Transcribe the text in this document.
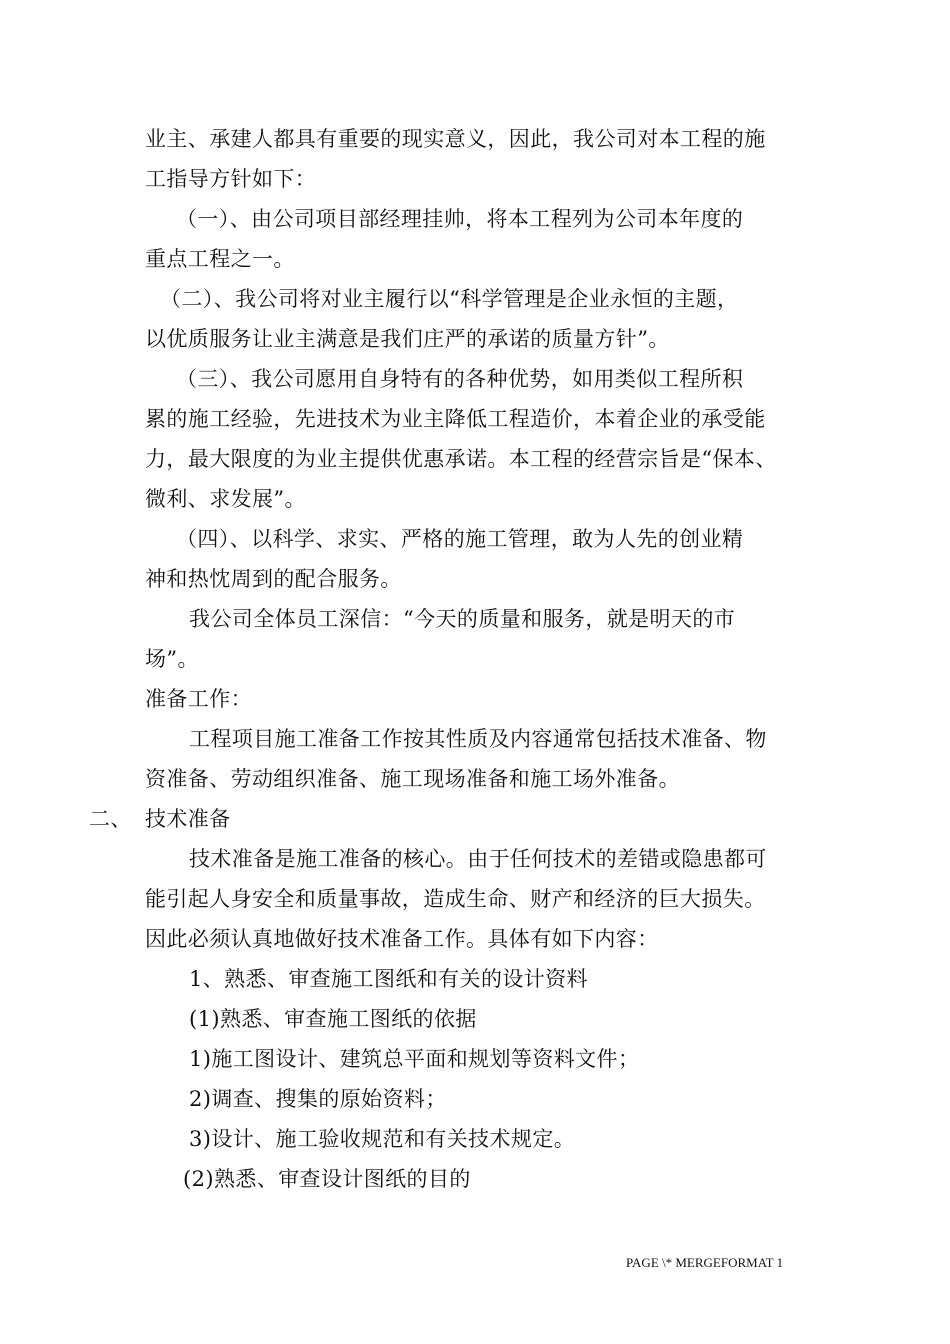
业主、承建人都具有重要的现实意义，因此，我公司对本工程的施
工指导方针如下：
（一）、由公司项目部经理挂帅，将本工程列为公司本年度的
重点工程之一。
（二）、我公司将对业主履行以“科学管理是企业永恒的主题，
以优质服务让业主满意是我们庄严的承诺的质量方针”。
（三）、我公司愿用自身特有的各种优势，如用类似工程所积
累的施工经验，先进技术为业主降低工程造价，本着企业的承受能
力，最大限度的为业主提供优惠承诺。本工程的经营宗旨是“保本、
微利、求发展”。
（四）、以科学、求实、严格的施工管理，敢为人先的创业精
神和热忱周到的配合服务。
我公司全体员工深信：“今天的质量和服务，就是明天的市
场”。
准备工作：
工程项目施工准备工作按其性质及内容通常包括技术准备、物
资准备、劳动组织准备、施工现场准备和施工场外准备。
二、 技术准备
技术准备是施工准备的核心。由于任何技术的差错或隐患都可
能引起人身安全和质量事故，造成生命、财产和经济的巨大损失。
因此必须认真地做好技术准备工作。具体有如下内容：
1、熟悉、审查施工图纸和有关的设计资料
(1)熟悉、审查施工图纸的依据
1)施工图设计、建筑总平面和规划等资料文件；
2)调查、搜集的原始资料；
3)设计、施工验收规范和有关技术规定。
(2)熟悉、审查设计图纸的目的
PAGE \* MERGEFORMAT 1
